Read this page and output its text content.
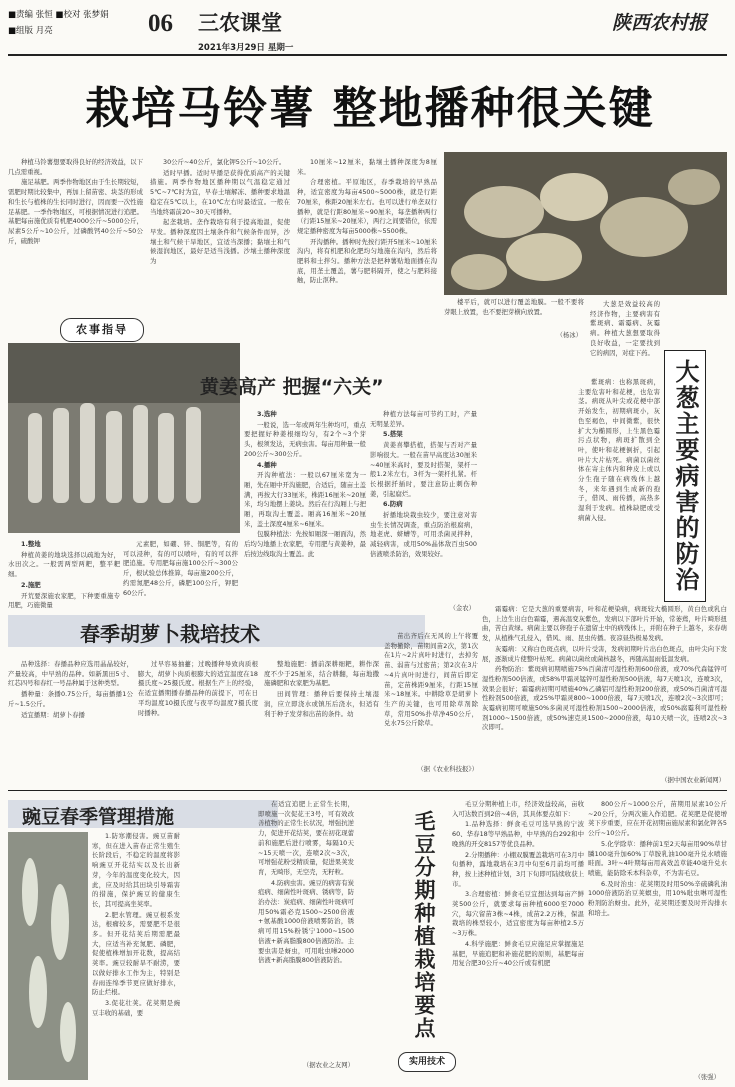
■责编 张恒 ■校对 张梦娟
■组版 月亮	06 三农课堂
2021年3月29日 星期一
陕西农村报
栽培马铃薯 整地播种很关键

种植马铃薯想要取得良好的经济效益，以下几点需重视。

施足基肥。两季作物地区由于生长期较短，需肥时期比较集中，再加上留苗密、块茎的形成和生长与植株的生长同时进行，因而要一次性施足基肥。一季作物地区，可根据情况进行追肥。基肥每亩施优质有机肥4000公斤~5000公斤，尿素5公斤~10公斤，过磷酸钙40公斤~50公斤，硫酸钾

农事指导

30公斤~40公斤，氯化钾5公斤~10公斤。

适时早播。适时早播是获得优质高产的关键措施。两季作物地区播种期以气温稳定通过5℃~7℃时为宜，早春土壤解冻、播种要求地温稳定在5℃以上，在10℃左右时最适宜。一般在当地终霜前20~30天可播种。

起垄栽培。垄作栽培有利于提高地温，促使早发。播种深度因土壤条件和气候条件而异，沙壤土和气候干旱地区，宜适当深播；黏壤土和气候湿润地区，最好是适当浅播。沙壤土播种深度为

10厘米~12厘米，黏壤土播种深度为8厘米。

合理密植。平原地区，春季栽培的早熟品种，适宜密度为每亩4500~5000株，就是行距70厘米，株距20厘米左右。也可以进行单垄双行播种，就是行距80厘米~90厘米，每垄播种两行（行距15厘米~20厘米），两行之间要错位，依需规定播种密度为每亩5000株~5500株。

开沟播种。播种时先按行距开5厘米~10厘米沟内，将有机肥和化肥均匀地施在沟内，然后将肥料和土拌匀。播种方法是把种薯贴地面播在沟底，用垄土覆盖，薯与肥料隔开，使之与肥料接触，防止沤种。

楼平后，就可以进行覆盖地膜。一般不要将芽眼上放置，也不要把芽横向放置。

（杨冰）
大葱主要病害的防治

大葱是效益较高的经济作物，主要病害有紫斑病、霜霉病、灰霉病。种植大葱想要取得良好收益，一定要找到它的病因，对症下药。

紫斑病：也称黑斑病，主要危害叶和花梗，也危害茎。病斑从叶尖或花梗中部开始发生，初期病斑小，灰色至褐色，中间微紫，很快扩大为椭圆形，上生黑色霉污点状物，病斑扩散到全叶，使叶和花梗倒折，引起叶片大片枯死。病菌以菌丝体在寄主体内和种皮上或以分生孢子随在病残体上越冬，来年遇到生成新的孢子，借风、雨传播，高热多湿利于发病。植株缺肥或受病菌入侵。

霜霉病：它是大葱的重要病害，叶和花梗染病，病斑较大椭圆形，黄白色或乳白色，上边生出白色霜霉，遇高温变灰紫色，发病以下部叶片开始，常萎蔫，叶片畸形扭曲，苦白黄绿。病菌主要以卵孢子在遗留土中的病残体上，并附在种子上越冬，来春萌发，从植株气孔侵入，借风、雨、昆虫传播。夜凉昼热极易发病。

灰霉病：又称白色斑点病，以叶片受害，发病初期叶片出白色斑点，由叶尖向下发展，逐渐成片使整叶枯死。病菌以菌丝或菌核越冬，再随高温雨低温发病。

药物防治：紫斑病初期喷施75%百菌清可湿性粉剂600倍液，或70%代森锰锌可湿性粉剂500倍液，或58%甲霜灵锰锌可湿性粉剂500倍液，每7天喷1次，连喷3次，效果会很好；霜霉病初期可喷施40%乙磷铝可湿性粉剂200倍液，或50%百菌清可湿性粉剂500倍液，或25%甲霜灵800~1000倍液，每7天喷1次，连喷2次~3次即可；灰霉病初期可喷施50%多菌灵可湿性粉剂1500~2000倍液，或50%腐霉利可湿性粉剂1000~1500倍液，或50%速克灵1500~2000倍液，每10天喷一次，连喷2次~3次即可。

（据中国农业新闻网）
黄姜高产 把握“六关”

1.整地

种植黄姜的地块选择以疏地为好，水田次之。一般需两型两耙，整平耙细。

2.施肥

开荒要深施农家肥，下种要重施专用肥，巧施微量

元素肥，如硼、锌、铜肥等，有的可以浸种，有的可以喷叶，有的可以拌肥追施。专用肥每亩施100公斤~300公斤，根试验总体推算，每亩施200公斤，约需氮肥48公斤，磷肥100公斤，钾肥60公斤。

3.选种

一般说，选一年或两年生种均可，重点要把握好种姜根细均匀，有2个~3个芽头，根须发达，无病虫害。每亩用种量一般200公斤~300公斤。

4.播种

开沟种植法：一般以67厘米宽为一厢，先在厢中开沟施肥，合适后，随亩土盖满，再按大行33厘米，株距16厘米~20厘米，均匀地摆上姜块。然后在行沟厢上与把厢，再取沟土覆盖。厢高16厘米~20厘米，盖土深度4厘米~6厘米。

包膜种植法：先按如厢深一厢面沟，然后均匀地播上农家肥，专用肥与黄姜种，最后按边线取沟土覆盖。此

种植方法每亩可节约工时，产量无明显差异。

5.搭架

黄姜喜攀搭植，搭架与否对产量影响很大。一般在苗早高度达30厘米~40厘米高时，要及时搭架，架杆一般1.2米左右，3杆为一架杆扎紧。杆长根据扦插时，要注意防止刺伤种姜，引起腐烂。

6.防病

折播地块栽虫较少，要注意对害虫生长情况调查，重点防治根腐病，地老虎、蛴螬等，可用杀菌灵拌种，减轻病害，或用50%晶体敌百虫500倍液喷杀防治，效果较好。

（金农）
春季胡萝卜栽培技术

品种选择：春播品种应选用晶晶较好，产量较高，中早熟的品种。如新黑田5寸、红芯四号和春红一号品种属于这种类型。

播种量：条播0.75公斤，每亩播播1公斤~1.5公斤。

适宜播期：胡萝卜春播

过早容易抽薹；过晚播种导致肉质根膨大，胡萝卜肉质根膨大的适宜温度在18摄氏度~25摄氏度。根据生产上的经验，在适宜播期播春播品种的前提下，可在日平均温度10摄氏度与夜平均温度7摄氏度时播种。

整地施肥：播前深耕细耙，耕作深度不少于25厘米，结合耕翻，每亩地撒施磷肥和农家肥为基肥。

田间管理：播种后要保持土壤湿润，应立即浇水或镇压后浇水，但适有利于种子发芽和出苗的条件。幼

苗出齐后在无风的上午将覆盖物撤除，苗期间苗2次，第1次在1片~2片真叶时进行，去掉劣苗、弱苗与过密苗；第2次在3片~4片真叶时进行，间苗后即定苗，定苗株距9厘米，行距15厘米~18厘米。中耕除草是胡萝卜生产的关键，也可用除草剂除草，常用50%扑草净450公斤，兑水75公斤除草。

（据《农业科技报》）
豌豆春季管理措施

1.防寒潮侵害。豌豆苗耐寒，但在进入苗春正常生殖生长阶段后，不稳定的温度将影响豌豆开花结实以及长出新芽，今年的温度变化较大，因此，应及时给其田块引导霜害的措施，保护豌豆的健康生长，其可提高坐荚率。

2.肥水管理。豌豆根系发达，根瘤较多，需要肥不是很多。但开花结荚后期需肥最大，应适当补充氮肥、磷肥，促使植株增加开花数，提高结荚率。豌豆较耐旱不耐涝，要以做好排水工作为主，特别是春雨连绵季节更应做好排水，防止烂根。

3.促花壮荚。花荚期是豌豆丰收的基础，要

在适宜追肥上正常生长期，即喷施一次促花王3号，可有效改善植物的正常生长状况，增强抗逆力，促进开花结荚，要在初花现蕾前和施肥后进行喷雾，每隔10天~15天喷一次，连喷2次~3次，可增强花粉受精质量，促进果荚发育，无畸形，无空壳，无籽粒。

4.防病虫害。豌豆的病害有炭疽病、细菌性叶斑病、锈病等，防治办法：炭疽病、细菌性叶斑病可用50%霜必克1500~2500倍液+氨基酸1000倍液喷雾防治，锈病可用15%粉锈宁1000~1500倍液+新高脂膜800倍液防治。主要虫害是蚜虫，可用吡虫啉2000倍液+新高脂膜800倍液防治。

（据农业之友网）
毛豆分期种植栽培要点
实用技术

毛豆分期种植上市，经济效益较高，亩收入可达数百到2倍~4倍，其具体要点如下：

1.品种选择：鲜食毛豆可选早熟的宁波60、华春18等早熟品种，中早熟的台292和中晚熟的开交8157等优良品种。

2.分期播种：小棚双膜覆盖栽培可在3月中旬播种，露地栽培在3月中旬至6月前均可播种，按上述种植计划，3月下旬即可陆续收获上市。

3.合理密植：鲜食毛豆宜想达到每亩产鲜荚500公斤，就要求每亩种植6000至7000穴，每穴留苗3株~4株，成苗2.2万株，保温栽培的株型较小，适宜密度为每亩种植2.5万~3万株。

4.科学施肥：鲜食毛豆应施足应掌握施足基肥，早施追肥和补施花肥的原则，基肥每亩用复合肥30公斤~40公斤或有机肥

800公斤~1000公斤，苗期用尿素10公斤~20公斤，分两次施入作追肥。花荚肥是促使增荚下步重要，应在开花初期亩施尿素和氯化钾各5公斤~10公斤。

5.化学除草：播种前1至2天每亩用90%草甘膦100毫升加60%丁草胺乳油100毫升兑水喷施畦面。3叶~4叶期每亩用高效盖草能40毫升兑水喷施，能防除禾本科杂草，不为害毛豆。

6.及时治虫：花荚期及时用50%辛硫磷乳油1000倍液防治豆荚螟虫，用10%吡虫啉可湿性粉剂防治蚜虫。此外，花荚期还要及时开沟排水和培土。

（张强）
